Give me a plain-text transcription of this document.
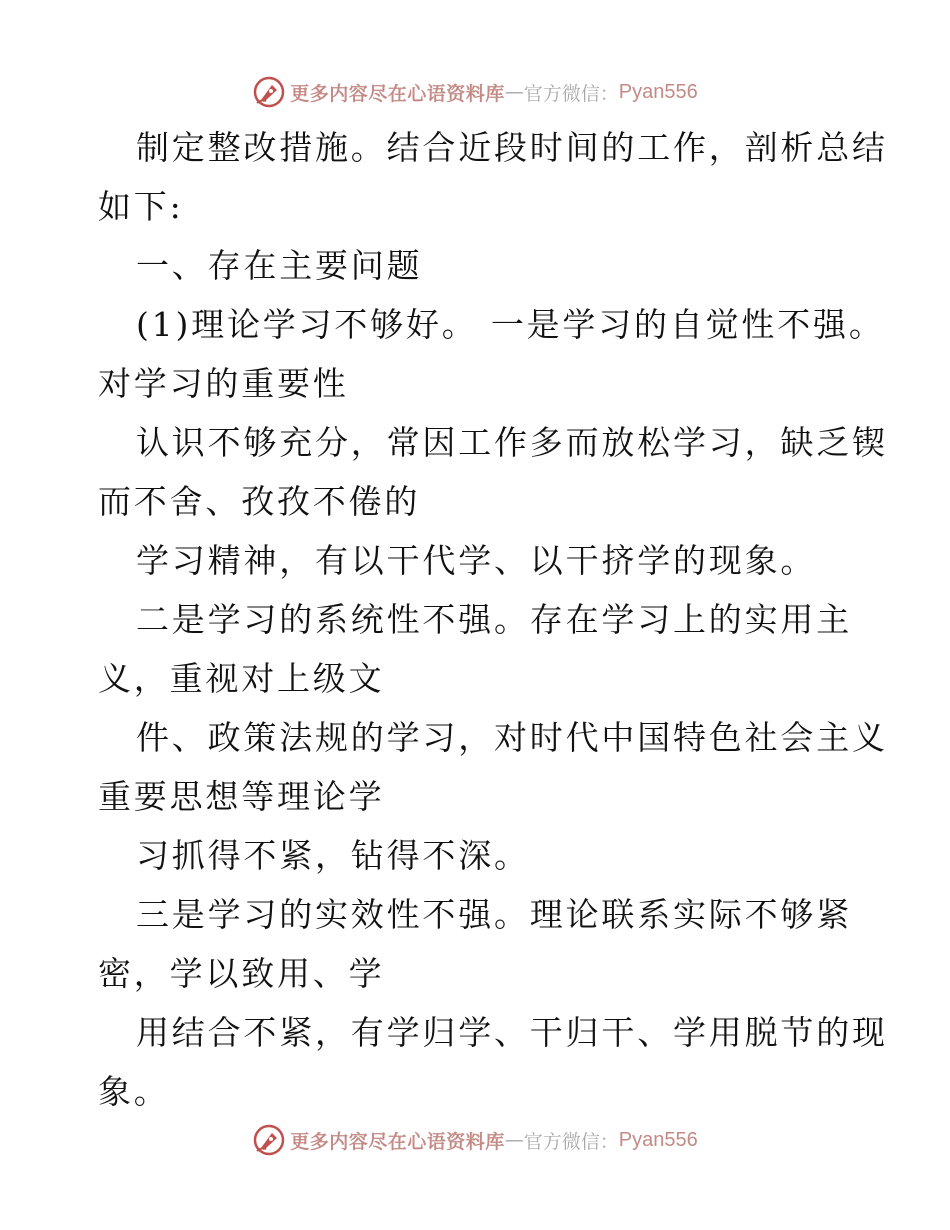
更多内容尽在心语资料库 — 官方微信： Pyan556
制定整改措施。结合近段时间的工作，剖析总结
如下:
一、存在主要问题
(1)理论学习不够好。 一是学习的自觉性不强。
对学习的重要性
认识不够充分，常因工作多而放松学习，缺乏锲
而不舍、孜孜不倦的
学习精神，有以干代学、以干挤学的现象。
二是学习的系统性不强。存在学习上的实用主
义，重视对上级文
件、政策法规的学习，对时代中国特色社会主义
重要思想等理论学
习抓得不紧，钻得不深。
三是学习的实效性不强。理论联系实际不够紧
密，学以致用、学
用结合不紧，有学归学、干归干、学用脱节的现
象。
更多内容尽在心语资料库 — 官方微信： Pyan556
